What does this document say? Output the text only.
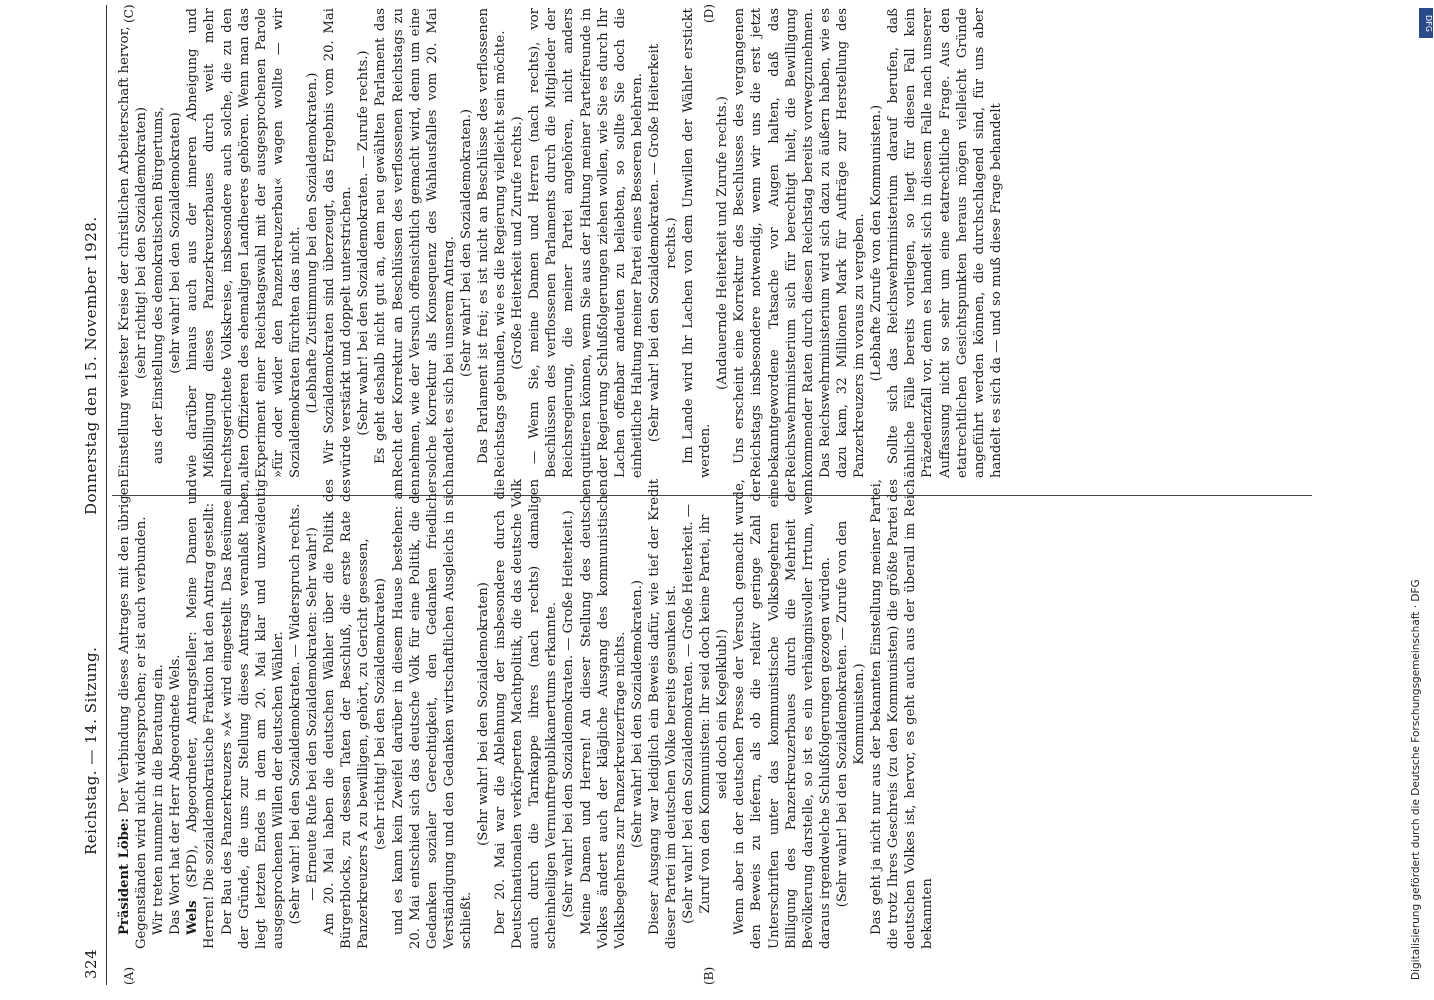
324
Reichstag. — 14. Sitzung.
Donnerstag den 15. November 1928.
(A)	(B)
(C)	(D)

Präsident Löbe: Der Verbindung dieses Antrages mit den übrigen Gegenständen wird nicht widersprochen; er ist auch verbunden. Wir treten nunmehr in die Beratung ein. Das Wort hat der Herr Abgeordnete Wels. Wels (SPD), Abgeordneter, Antragsteller: Meine Damen und Herren! Die sozialdemokratische Fraktion hat den Antrag gestellt: Der Bau des Panzerkreuzers »A« wird eingestellt. Das Resümee all der Gründe, die uns zur Stellung dieses Antrags veranlaßt haben, liegt letzten Endes in dem am 20. Mai klar und unzweideutig ausgesprochenen Willen der deutschen Wähler. (Sehr wahr! bei den Sozialdemokraten. — Widerspruch rechts. — Erneute Rufe bei den Sozialdemokraten: Sehr wahr!) Am 20. Mai haben die deutschen Wähler über die Politik des Bürgerblocks, zu dessen Taten der Beschluß, die erste Rate des Panzerkreuzers A zu bewilligen, gehört, zu Gericht gesessen, (sehr richtig! bei den Sozialdemokraten) und es kann kein Zweifel darüber in diesem Hause bestehen: am 20. Mai entschied sich das deutsche Volk für eine Politik, die den Gedanken sozialer Gerechtigkeit, den Gedanken friedlicher Verständigung und den Gedanken wirtschaftlichen Ausgleichs in sich schließt.

(Sehr wahr! bei den Sozialdemokraten) Der 20. Mai war die Ablehnung der insbesondere durch die Deutschnationalen verkörperten Machtpolitik, die das deutsche Volk auch durch die Tarnkappe ihres (nach rechts) damaligen scheinheiligen Vernunftrepublikanertums erkannte. (Sehr wahr! bei den Sozialdemokraten. — Große Heiterkeit.) Meine Damen und Herren! An dieser Stellung des deutschen Volkes ändert auch der klägliche Ausgang des kommunistischen Volksbegehrens zur Panzerkreuzerfrage nichts. (Sehr wahr! bei den Sozialdemokraten.) Dieser Ausgang war lediglich ein Beweis dafür, wie tief der Kredit dieser Partei im deutschen Volke bereits gesunken ist. (Sehr wahr! bei den Sozialdemokraten. — Große Heiterkeit. — Zuruf von den Kommunisten: Ihr seid doch keine Partei, ihr seid doch ein Kegelklub!) Wenn aber in der deutschen Presse der Versuch gemacht wurde, den Beweis zu liefern, als ob die relativ geringe Zahl der Unterschriften unter das kommunistische Volksbegehren eine Billigung des Panzerkreuzerbaues durch die Mehrheit der Bevölkerung darstelle, so ist es ein verhängnisvoller Irrtum, wenn daraus irgendwelche Schlußfolgerungen gezogen würden. (Sehr wahr! bei den Sozialdemokraten. — Zurufe von den Kommunisten.) Das geht ja nicht nur aus der bekannten Einstellung meiner Partei, die trotz Ihres Geschreis (zu den Kommunisten) die größte Partei des deutschen Volkes ist, hervor, es geht auch aus der überall im Reich bekannten

Einstellung weitester Kreise der christlichen Arbeiterschaft hervor, (sehr richtig! bei den Sozialdemokraten) aus der Einstellung des demokratischen Bürgertums, (sehr wahr! bei den Sozialdemokraten) wie darüber hinaus auch aus der inneren Abneigung und Mißbilligung dieses Panzerkreuzerbaues durch weit mehr rechtsgerichtete Volkskreise, insbesondere auch solche, die zu den alten Offizieren des ehemaligen Landheeres gehören. Wenn man das Experiment einer Reichstagswahl mit der ausgesprochenen Parole »für oder wider den Panzerkreuzerbau« wagen wollte — wir Sozialdemokraten fürchten das nicht. (Lebhafte Zustimmung bei den Sozialdemokraten.) Wir Sozialdemokraten sind überzeugt, das Ergebnis vom 20. Mai würde verstärkt und doppelt unterstrichen. (Sehr wahr! bei den Sozialdemokraten. — Zurufe rechts.) Es geht deshalb nicht gut an, dem neu gewählten Parlament das Recht der Korrektur an Beschlüssen des verflossenen Reichstags zu nehmen, wie der Versuch offensichtlich gemacht wird, denn um eine solche Korrektur als Konsequenz des Wahlausfalles vom 20. Mai handelt es sich bei unserem Antrag. (Sehr wahr! bei den Sozialdemokraten.) Das Parlament ist frei; es ist nicht an Beschlüsse des verflossenen Reichstags gebunden, wie es die Regierung vielleicht sein möchte. (Große Heiterkeit und Zurufe rechts.) — Wenn Sie, meine Damen und Herren (nach rechts), vor Beschlüssen des verflossenen Parlaments durch die Mitglieder der Reichsregierung, die meiner Partei angehören, nicht anders quittieren können, wenn Sie aus der Haltung meiner Parteifreunde in der Regierung Schlußfolgerungen ziehen wollen, wie Sie es durch Ihr Lachen offenbar andeuten zu beliebten, so sollte Sie doch die einheitliche Haltung meiner Partei eines Besseren belehren. (Sehr wahr! bei den Sozialdemokraten. — Große Heiterkeit rechts.) Im Lande wird Ihr Lachen von dem Unwillen der Wähler erstickt werden.

(Andauernde Heiterkeit und Zurufe rechts.) Uns erscheint eine Korrektur des Beschlusses des vergangenen Reichstags insbesondere notwendig, wenn wir uns die erst jetzt bekanntgewordene Tatsache vor Augen halten, daß das Reichswehrministerium sich für berechtigt hielt, die Bewilligung kommender Raten durch diesen Reichstag bereits vorwegzunehmen. Das Reichswehrministerium wird sich dazu zu äußern haben, wie es dazu kam, 32 Millionen Mark für Aufträge zur Herstellung des Panzerkreuzers im voraus zu vergeben. (Lebhafte Zurufe von den Kommunisten.) Sollte sich das Reichswehrministerium darauf berufen, daß ähnliche Fälle bereits vorliegen, so liegt für diesen Fall kein Präzedenzfall vor, denn es handelt sich in diesem Falle nach unserer Auffassung nicht so sehr um eine etatrechtliche Frage. Aus den etatrechtlichen Gesichtspunkten heraus mögen vielleicht Gründe angeführt werden können, die durchschlagend sind, für uns aber handelt es sich da — und so muß diese Frage behandelt

DFG
Digitalisierung gefördert durch die Deutsche Forschungsgemeinschaft · DFG
